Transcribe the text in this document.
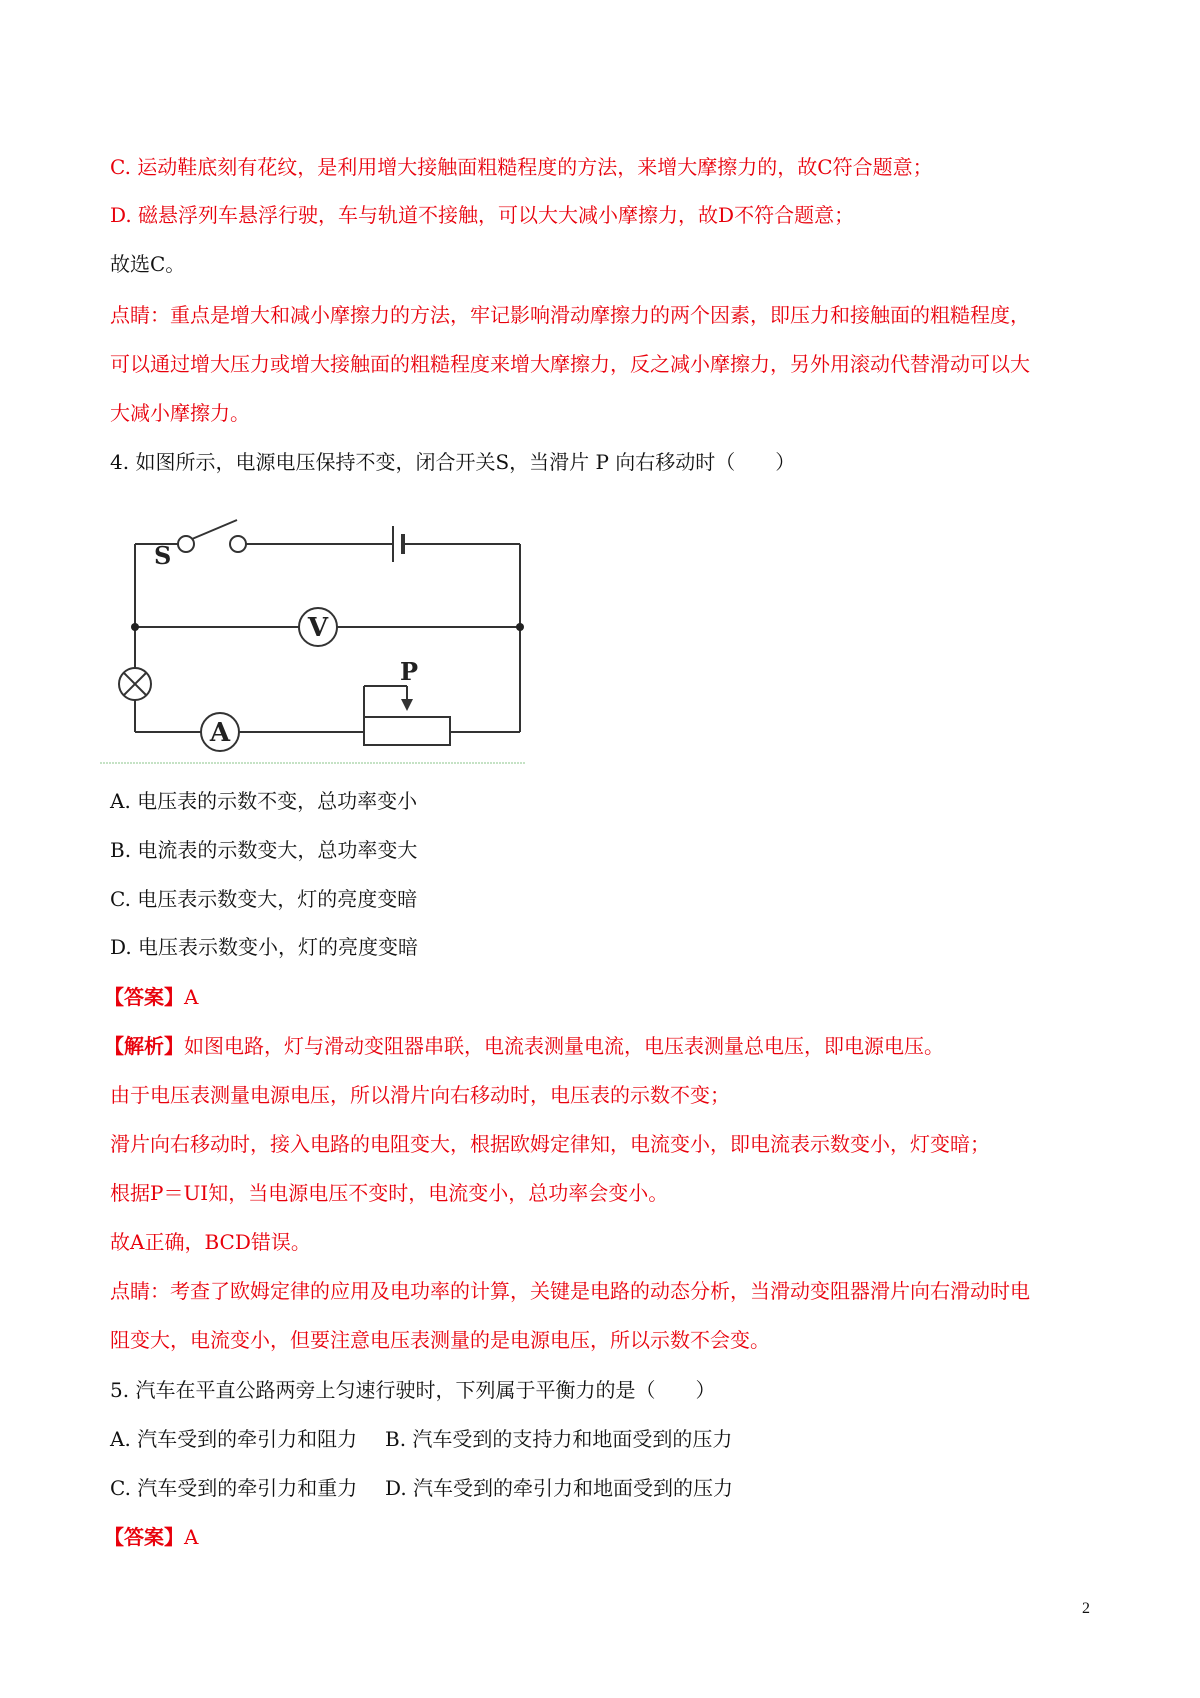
C. 运动鞋底刻有花纹，是利用增大接触面粗糙程度的方法，来增大摩擦力的，故C符合题意；
D. 磁悬浮列车悬浮行驶，车与轨道不接触，可以大大减小摩擦力，故D不符合题意；
故选C。
点睛：重点是增大和减小摩擦力的方法，牢记影响滑动摩擦力的两个因素，即压力和接触面的粗糙程度，
可以通过增大压力或增大接触面的粗糙程度来增大摩擦力，反之减小摩擦力，另外用滚动代替滑动可以大
大减小摩擦力。
4. 如图所示，电源电压保持不变，闭合开关S，当滑片 P 向右移动时（　　）
S
V
A
P
A. 电压表的示数不变，总功率变小
B. 电流表的示数变大，总功率变大
C. 电压表示数变大，灯的亮度变暗
D. 电压表示数变小，灯的亮度变暗
【答案】A
【解析】如图电路，灯与滑动变阻器串联，电流表测量电流，电压表测量总电压，即电源电压。
由于电压表测量电源电压，所以滑片向右移动时，电压表的示数不变；
滑片向右移动时，接入电路的电阻变大，根据欧姆定律知，电流变小，即电流表示数变小，灯变暗；
根据P＝UI知，当电源电压不变时，电流变小，总功率会变小。
故A正确，BCD错误。
点睛：考查了欧姆定律的应用及电功率的计算，关键是电路的动态分析，当滑动变阻器滑片向右滑动时电
阻变大，电流变小，但要注意电压表测量的是电源电压，所以示数不会变。
5. 汽车在平直公路两旁上匀速行驶时，下列属于平衡力的是（　　）
A. 汽车受到的牵引力和阻力 B. 汽车受到的支持力和地面受到的压力
C. 汽车受到的牵引力和重力 D. 汽车受到的牵引力和地面受到的压力
【答案】A
2
